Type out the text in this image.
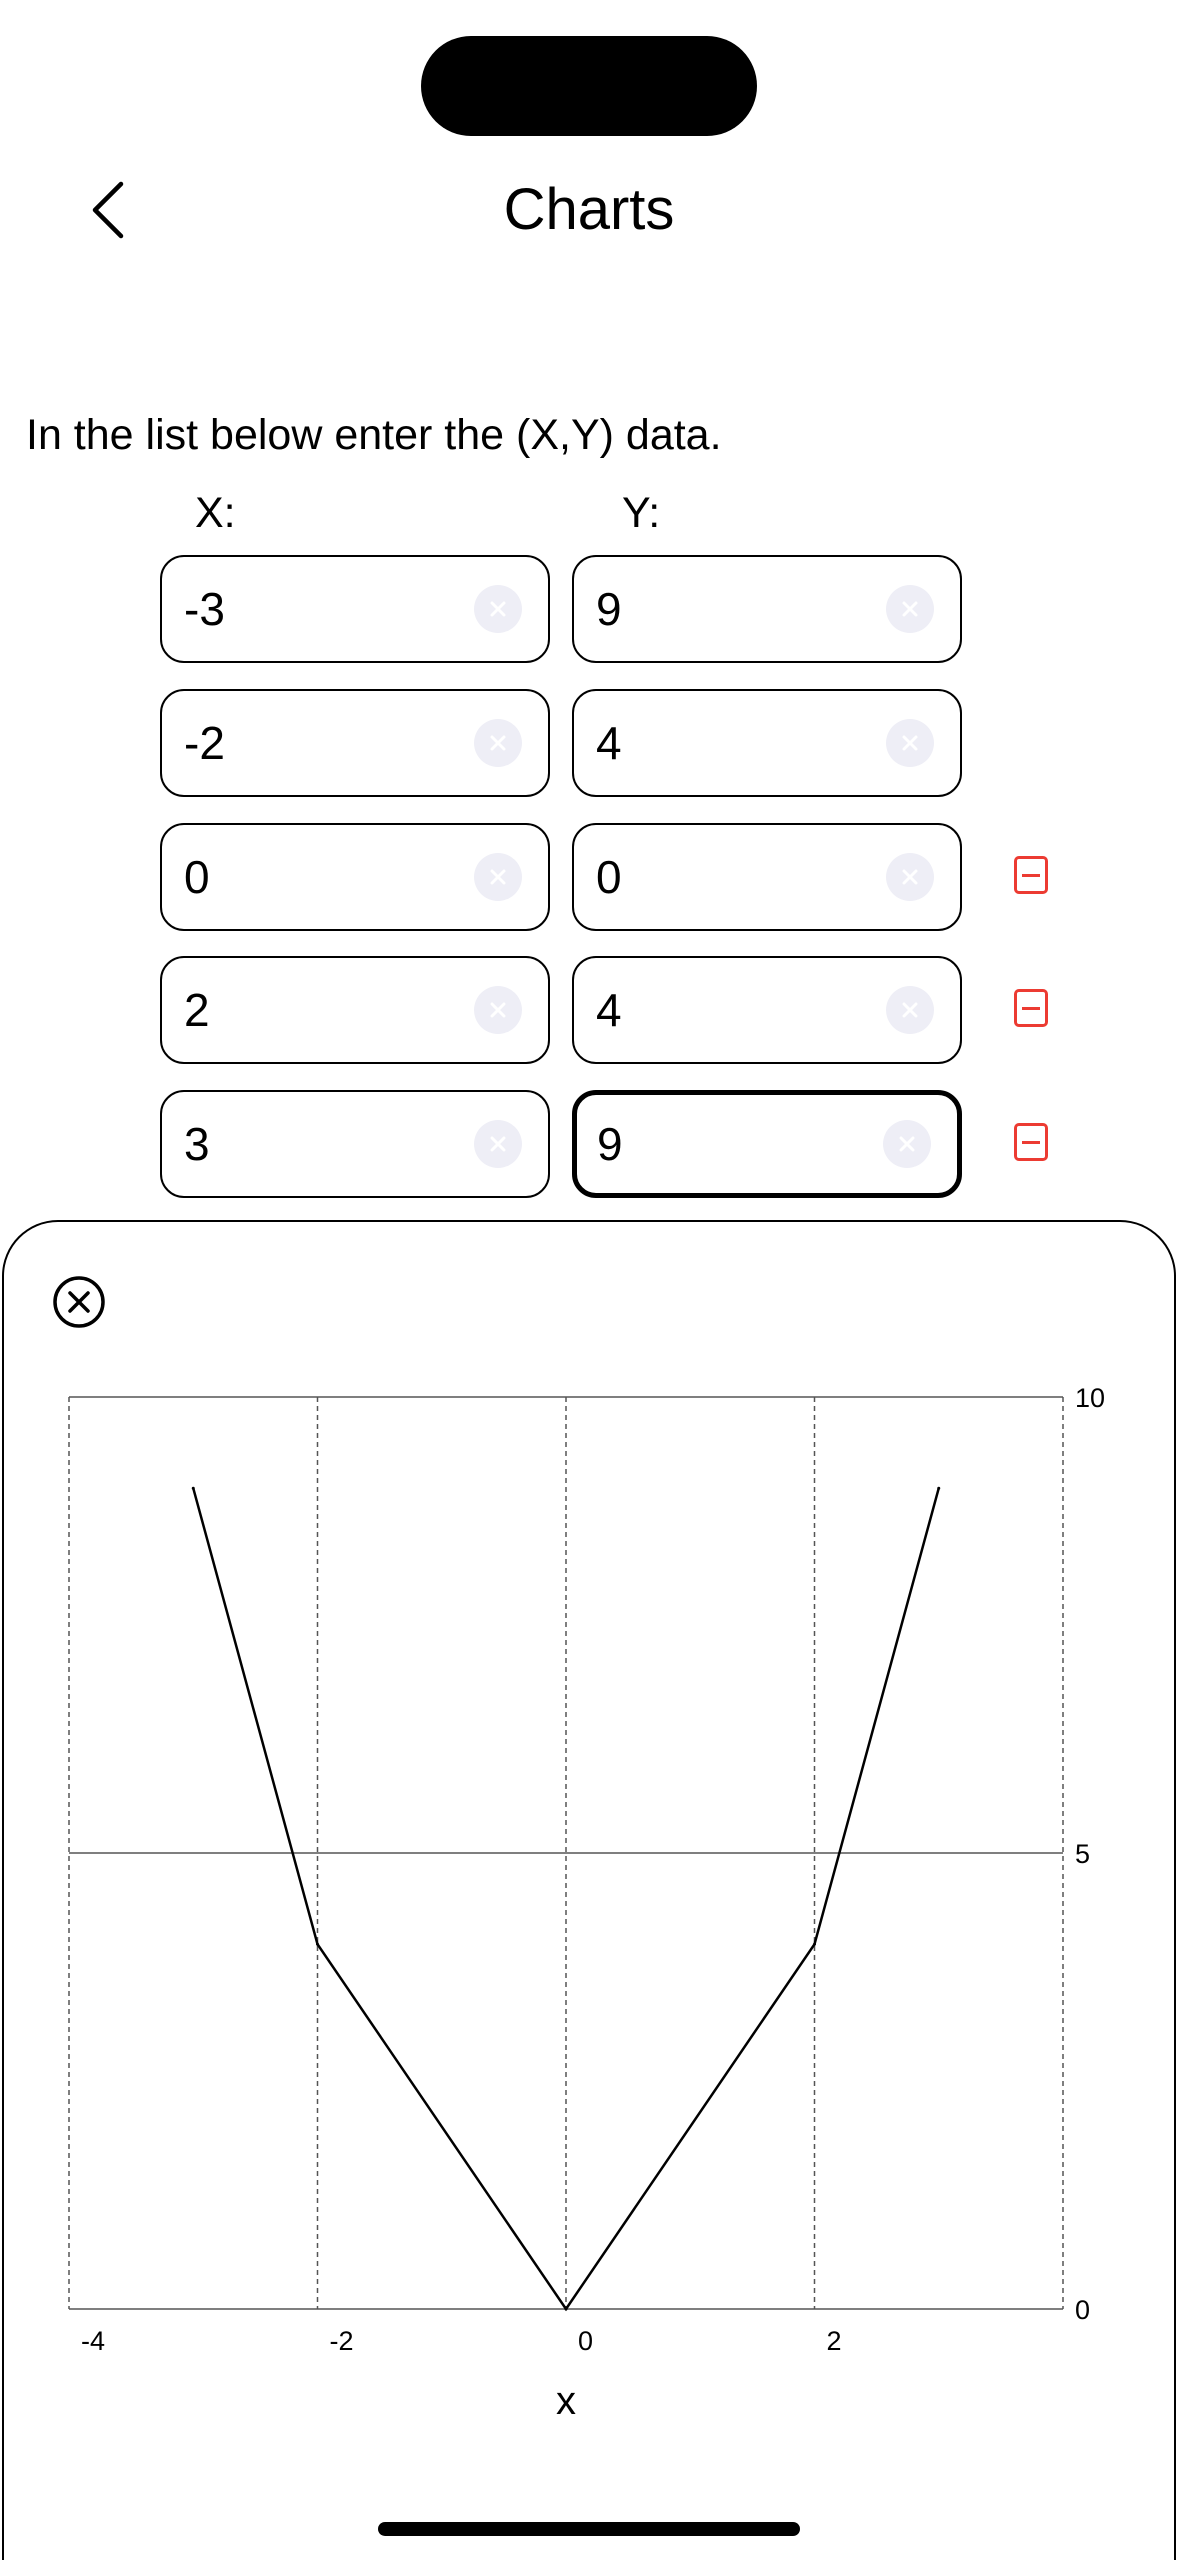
Charts
In the list below enter the (X,Y) data.
X:	Y:
-3	9
-2	4
0	0
2	4
3	9
-4	-2	0	2
0
5
10
x
